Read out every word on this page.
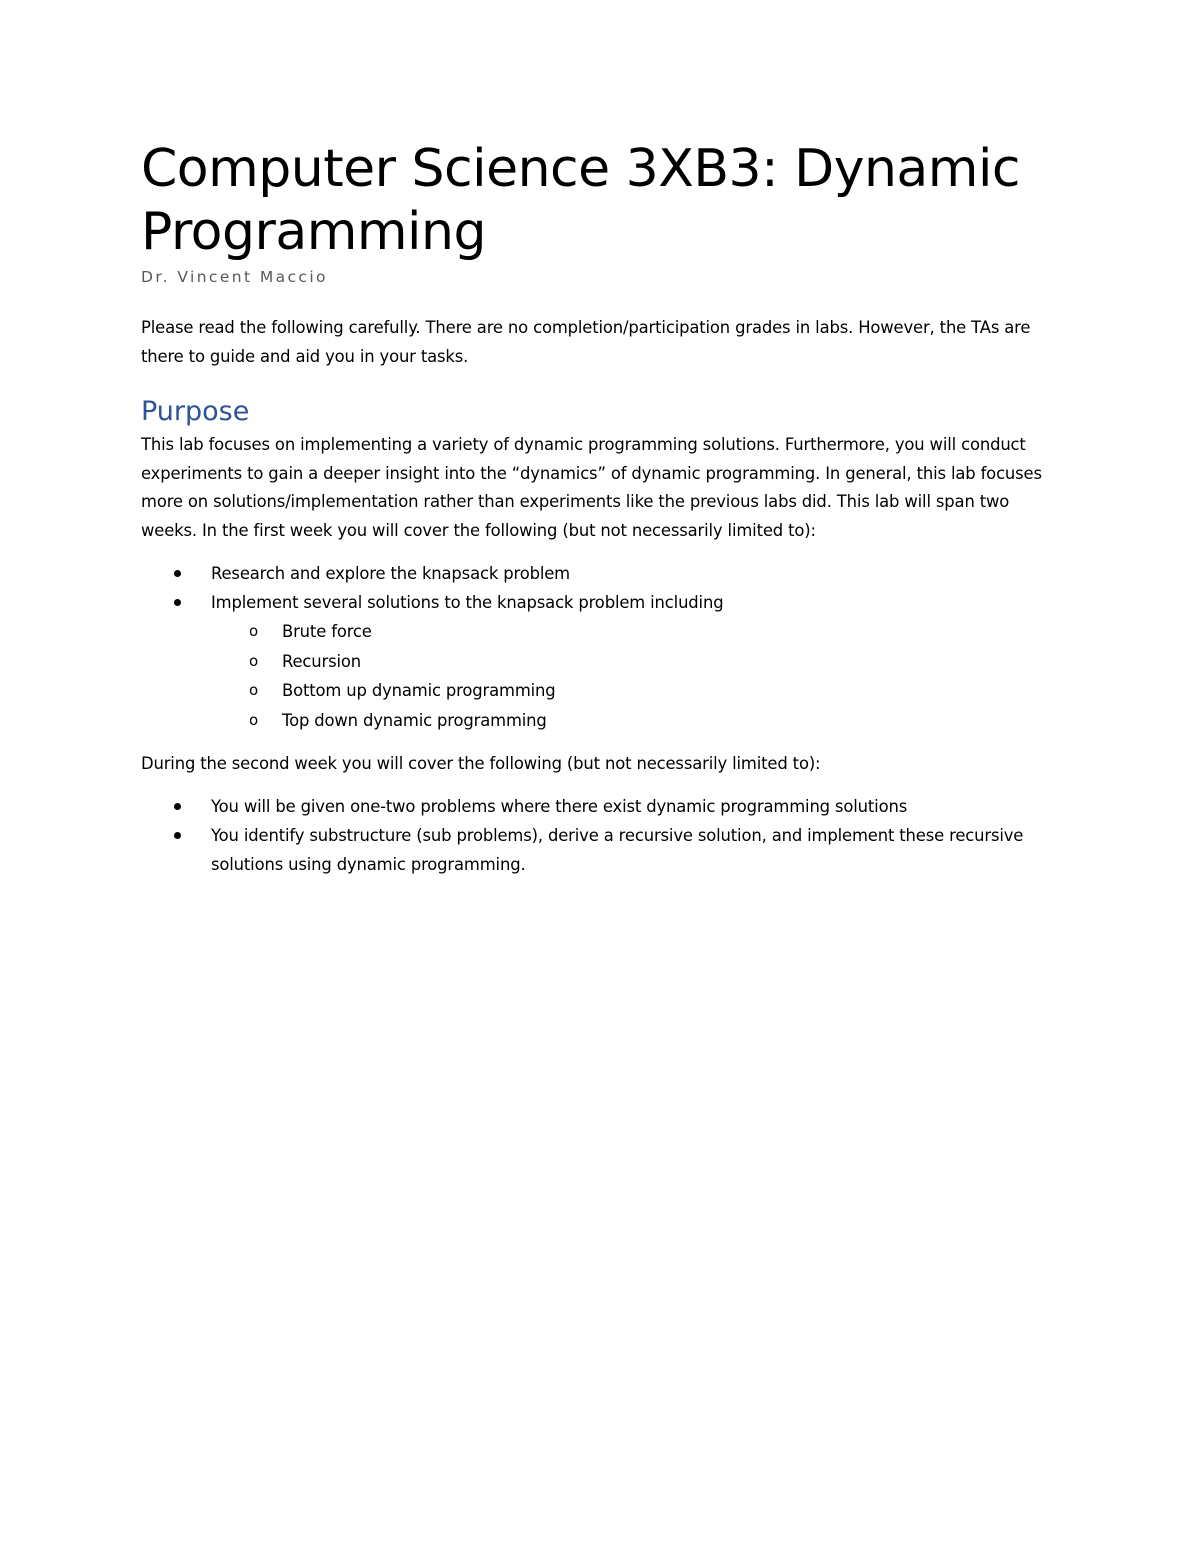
Computer Science 3XB3: Dynamic Programming
Dr. Vincent Maccio

Please read the following carefully. There are no completion/participation grades in labs. However, the TAs are there to guide and aid you in your tasks.

Purpose

This lab focuses on implementing a variety of dynamic programming solutions. Furthermore, you will conduct experiments to gain a deeper insight into the “dynamics” of dynamic programming. In general, this lab focuses more on solutions/implementation rather than experiments like the previous labs did. This lab will span two weeks. In the first week you will cover the following (but not necessarily limited to):

Research and explore the knapsack problem
Implement several solutions to the knapsack problem including
o Brute force
o Recursion
o Bottom up dynamic programming
o Top down dynamic programming

During the second week you will cover the following (but not necessarily limited to):

You will be given one-two problems where there exist dynamic programming solutions
You identify substructure (sub problems), derive a recursive solution, and implement these recursive solutions using dynamic programming.
